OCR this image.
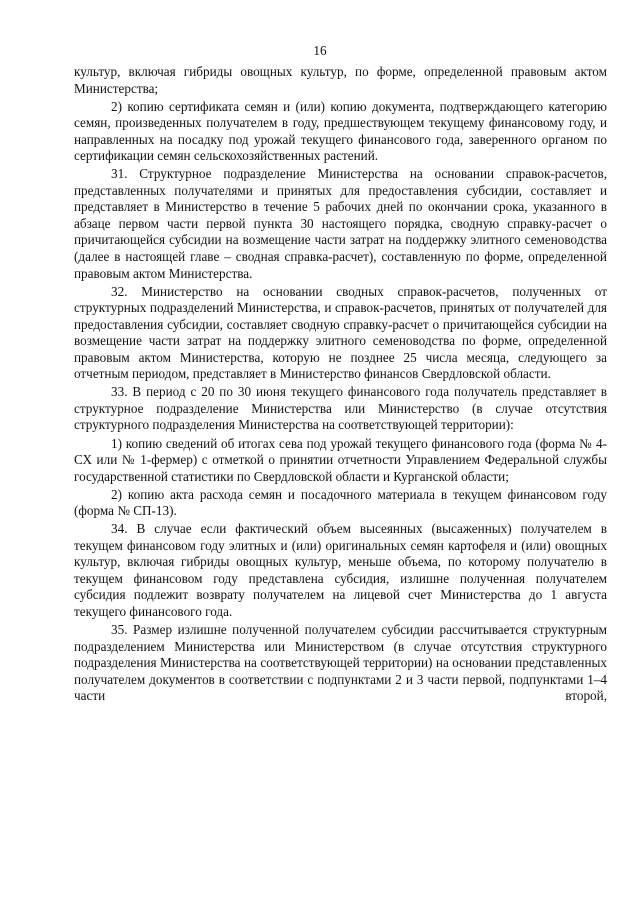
16

культур, включая гибриды овощных культур, по форме, определенной правовым актом Министерства;

2) копию сертификата семян и (или) копию документа, подтверждающего категорию семян, произведенных получателем в году, предшествующем текущему финансовому году, и направленных на посадку под урожай текущего финансового года, заверенного органом по сертификации семян сельскохозяйственных растений.

31. Структурное подразделение Министерства на основании справок-расчетов, представленных получателями и принятых для предоставления субсидии, составляет и представляет в Министерство в течение 5 рабочих дней по окончании срока, указанного в абзаце первом части первой пункта 30 настоящего порядка, сводную справку-расчет о причитающейся субсидии на возмещение части затрат на поддержку элитного семеноводства (далее в настоящей главе – сводная справка-расчет), составленную по форме, определенной правовым актом Министерства.

32. Министерство на основании сводных справок-расчетов, полученных от структурных подразделений Министерства, и справок-расчетов, принятых от получателей для предоставления субсидии, составляет сводную справку-расчет о причитающейся субсидии на возмещение части затрат на поддержку элитного семеноводства по форме, определенной правовым актом Министерства, которую не позднее 25 числа месяца, следующего за отчетным периодом, представляет в Министерство финансов Свердловской области.

33. В период с 20 по 30 июня текущего финансового года получатель представляет в структурное подразделение Министерства или Министерство (в случае отсутствия структурного подразделения Министерства на соответствующей территории):

1) копию сведений об итогах сева под урожай текущего финансового года (форма № 4-СХ или № 1-фермер) с отметкой о принятии отчетности Управлением Федеральной службы государственной статистики по Свердловской области и Курганской области;

2) копию акта расхода семян и посадочного материала в текущем финансовом году (форма № СП-13).

34. В случае если фактический объем высеянных (высаженных) получателем в текущем финансовом году элитных и (или) оригинальных семян картофеля и (или) овощных культур, включая гибриды овощных культур, меньше объема, по которому получателю в текущем финансовом году представлена субсидия, излишне полученная получателем субсидия подлежит возврату получателем на лицевой счет Министерства до 1 августа текущего финансового года.

35. Размер излишне полученной получателем субсидии рассчитывается структурным подразделением Министерства или Министерством (в случае отсутствия структурного подразделения Министерства на соответствующей территории) на основании представленных получателем документов в соответствии с подпунктами 2 и 3 части первой, подпунктами 1–4 части второй,
